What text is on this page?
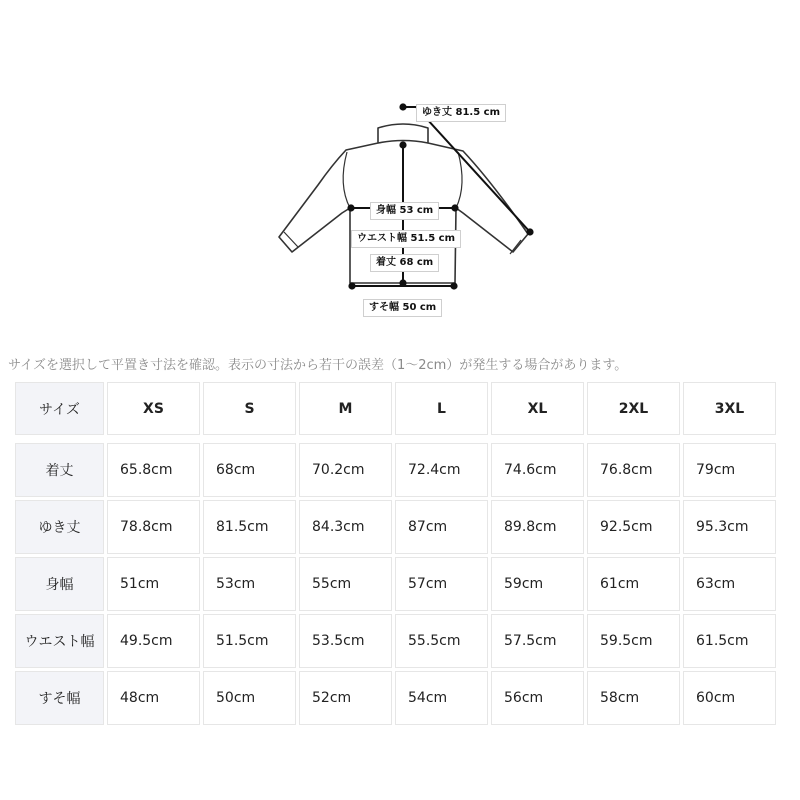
ゆき丈 81.5 cm
身幅 53 cm
ウエスト幅 51.5 cm
着丈 68 cm
すそ幅 50 cm
サイズを選択して平置き寸法を確認。表示の寸法から若干の誤差（1〜2cm）が発生する場合があります。
サイズ	XS	S	M	L	XL	2XL	3XL

着丈	65.8cm	68cm	70.2cm	72.4cm	74.6cm	76.8cm	79cm
ゆき丈	78.8cm	81.5cm	84.3cm	87cm	89.8cm	92.5cm	95.3cm
身幅	51cm	53cm	55cm	57cm	59cm	61cm	63cm
ウエスト幅	49.5cm	51.5cm	53.5cm	55.5cm	57.5cm	59.5cm	61.5cm
すそ幅	48cm	50cm	52cm	54cm	56cm	58cm	60cm
